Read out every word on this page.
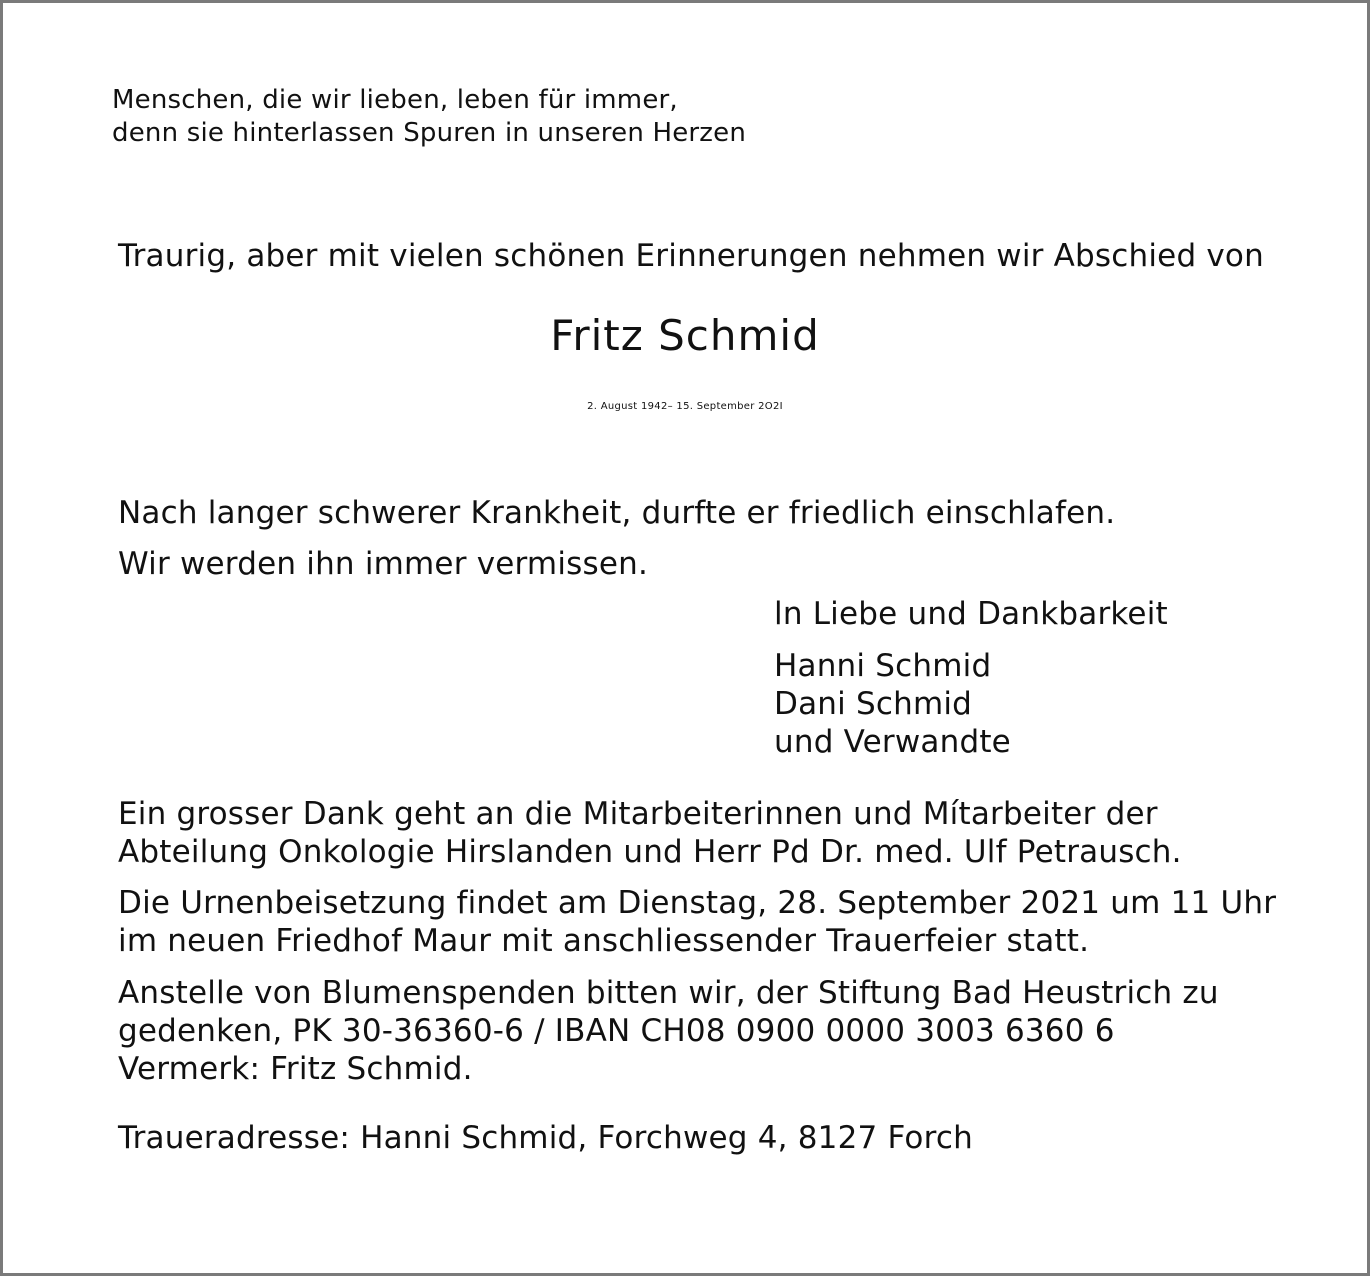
Menschen, die wir lieben, leben für immer,

denn sie hinterlassen Spuren in unseren Herzen

Traurig, aber mit vielen schönen Erinnerungen nehmen wir Abschied von

Fritz Schmid

2. August 1942– 15. September 2O2I

Nach langer schwerer Krankheit, durfte er friedlich einschlafen.

Wir werden ihn immer vermissen.

ln Liebe und Dankbarkeit

Hanni Schmid

Dani Schmid

und Verwandte

Ein grosser Dank geht an die Mitarbeiterinnen und Mítarbeiter der

Abteilung Onkologie Hirslanden und Herr Pd Dr. med. Ulf Petrausch.

Die Urnenbeisetzung findet am Dienstag, 28. September 2021 um 11 Uhr

im neuen Friedhof Maur mit anschliessender Trauerfeier statt.

Anstelle von Blumenspenden bitten wir, der Stiftung Bad Heustrich zu

gedenken, PK 30-36360-6 / IBAN CH08 0900 0000 3003 6360 6

Vermerk: Fritz Schmid.

Traueradresse: Hanni Schmid, Forchweg 4, 8127 Forch
